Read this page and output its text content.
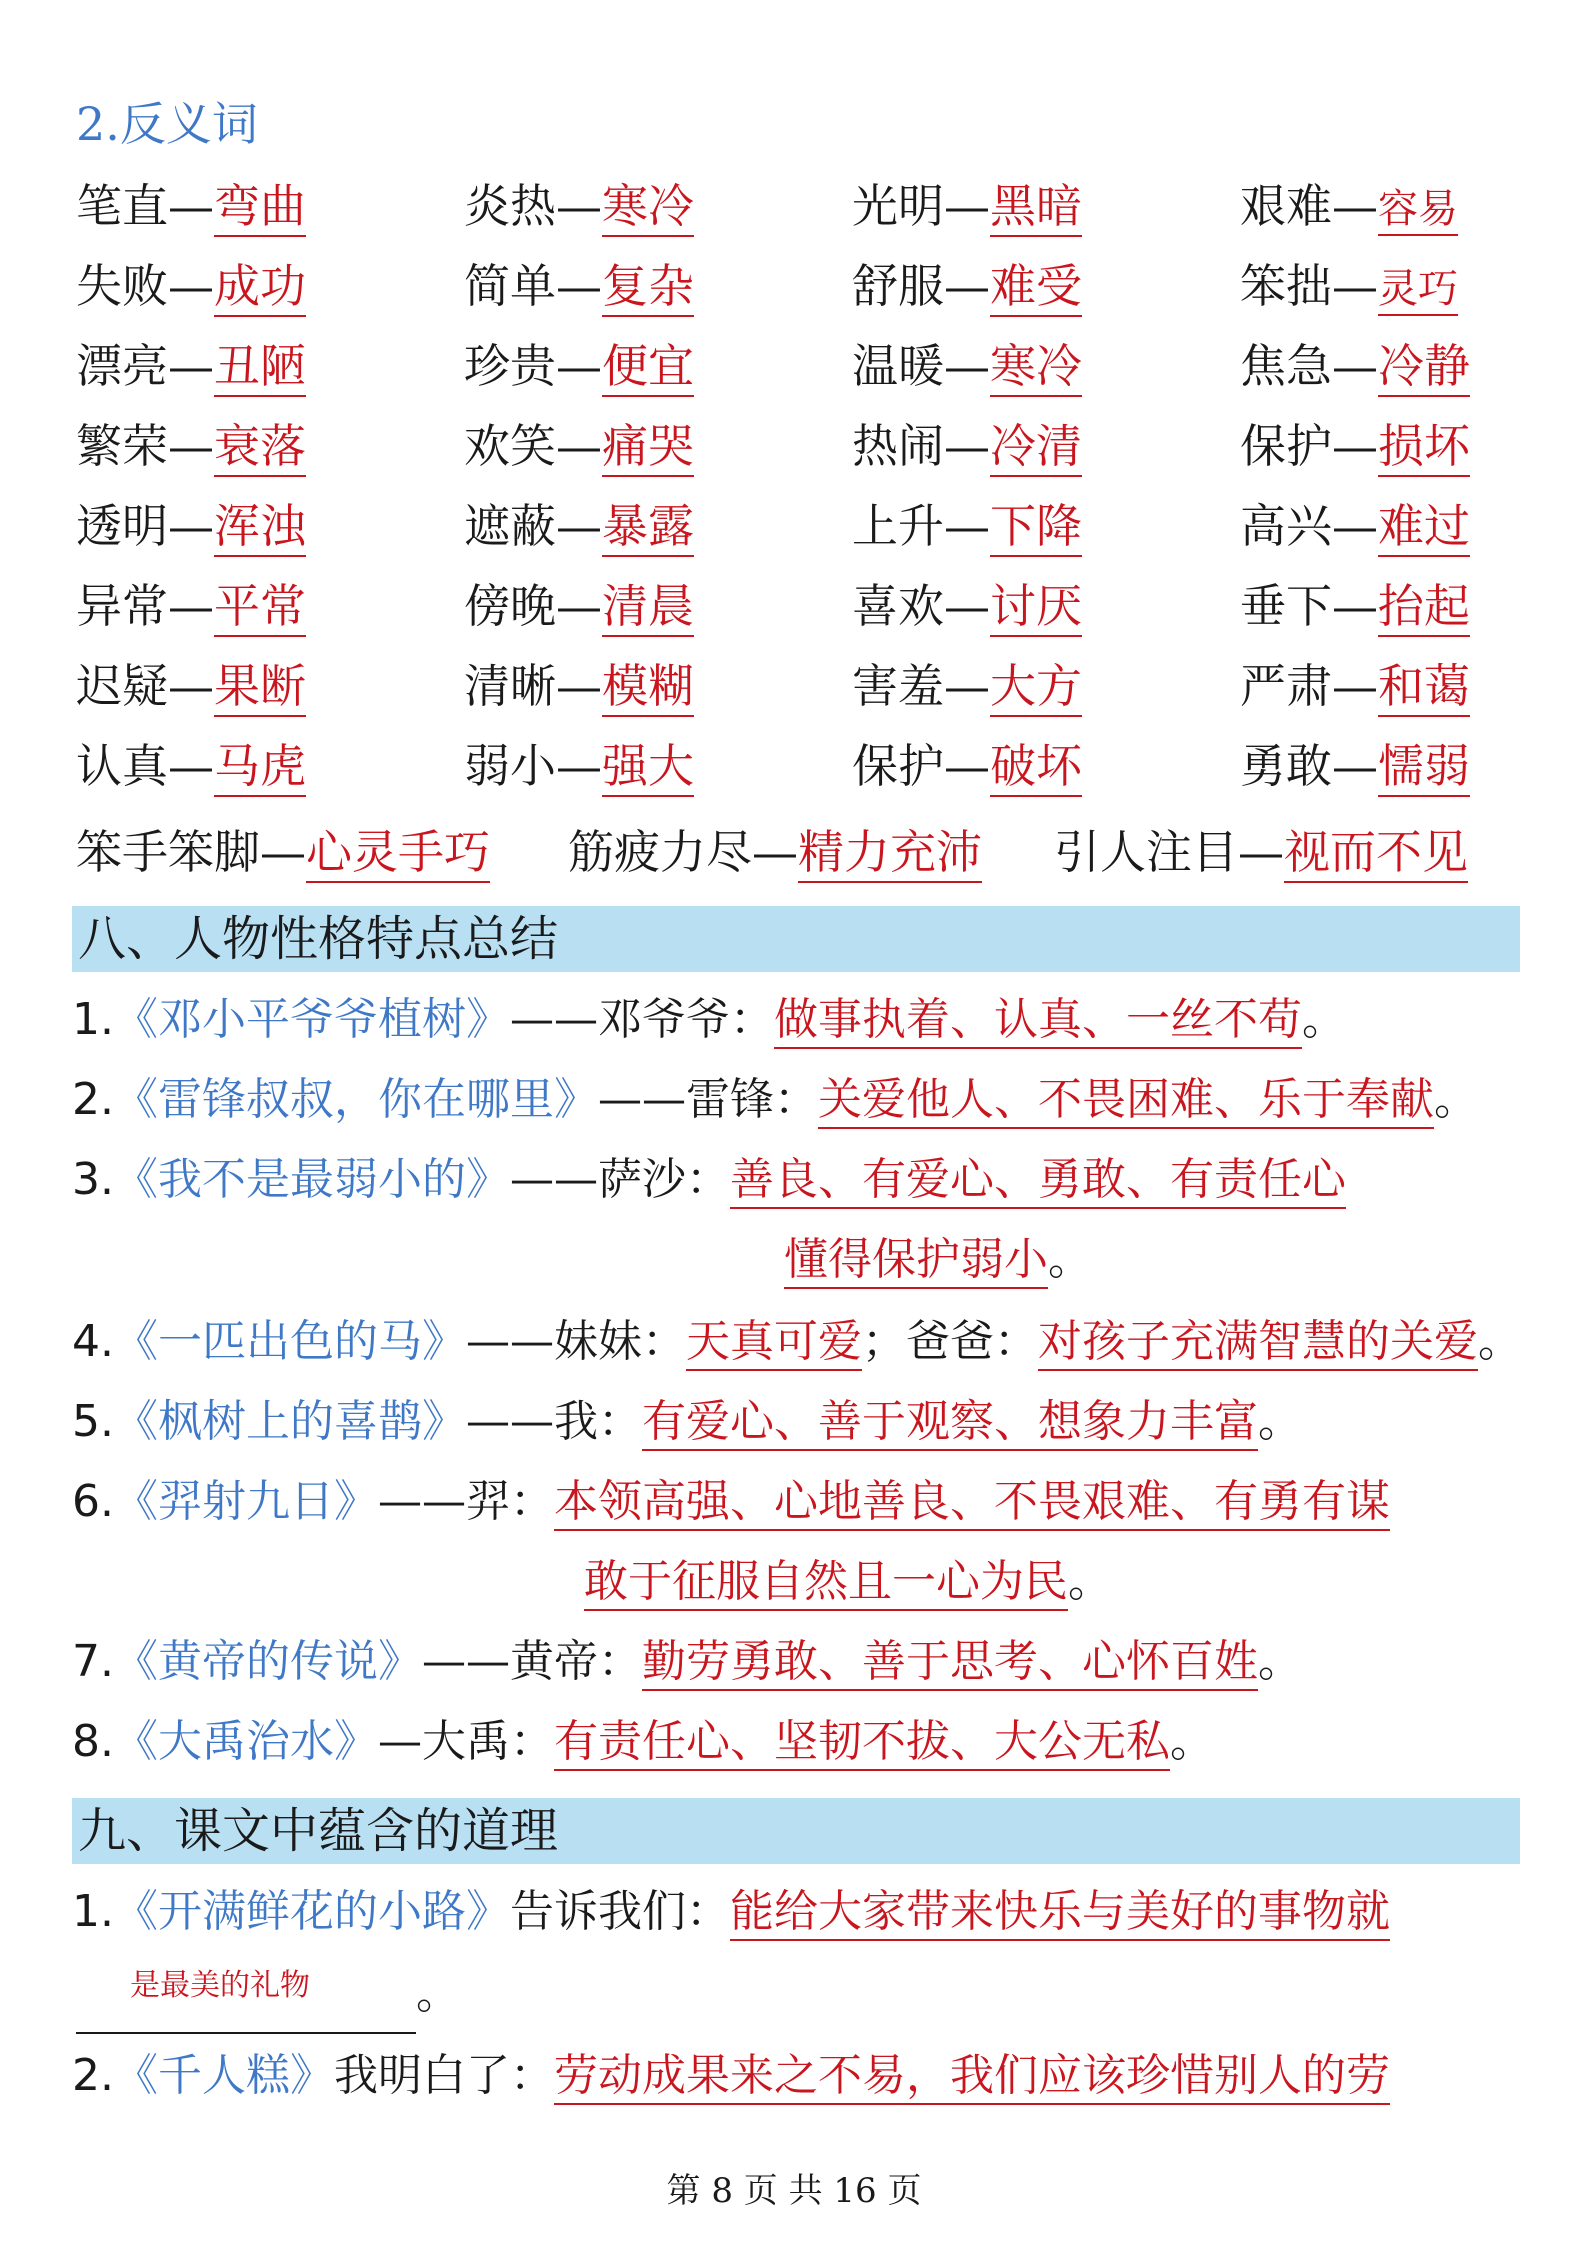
2.反义词
笔直—弯曲	炎热—寒冷	光明—黑暗	艰难—容易
失败—成功	简单—复杂	舒服—难受	笨拙—灵巧
漂亮—丑陋	珍贵—便宜	温暖—寒冷	焦急—冷静
繁荣—衰落	欢笑—痛哭	热闹—冷清	保护—损坏
透明—浑浊	遮蔽—暴露	上升—下降	高兴—难过
异常—平常	傍晚—清晨	喜欢—讨厌	垂下—抬起
迟疑—果断	清晰—模糊	害羞—大方	严肃—和蔼
认真—马虎	弱小—强大	保护—破坏	勇敢—懦弱
笨手笨脚—心灵手巧 筋疲力尽—精力充沛 引人注目—视而不见
八、人物性格特点总结
1.《邓小平爷爷植树》——邓爷爷：做事执着、认真、一丝不苟。
2.《雷锋叔叔，你在哪里》——雷锋：关爱他人、不畏困难、乐于奉献。
3.《我不是最弱小的》——萨沙：善良、有爱心、勇敢、有责任心
懂得保护弱小。
4.《一匹出色的马》——妹妹：天真可爱；爸爸：对孩子充满智慧的关爱。
5.《枫树上的喜鹊》——我：有爱心、善于观察、想象力丰富。
6.《羿射九日》——羿：本领高强、心地善良、不畏艰难、有勇有谋
敢于征服自然且一心为民。
7.《黄帝的传说》——黄帝：勤劳勇敢、善于思考、心怀百姓。
8.《大禹治水》—大禹：有责任心、坚韧不拔、大公无私。
九、课文中蕴含的道理
1.《开满鲜花的小路》告诉我们：能给大家带来快乐与美好的事物就
是最美的礼物 。
2.《千人糕》我明白了：劳动成果来之不易，我们应该珍惜别人的劳
第 8 页 共 16 页
